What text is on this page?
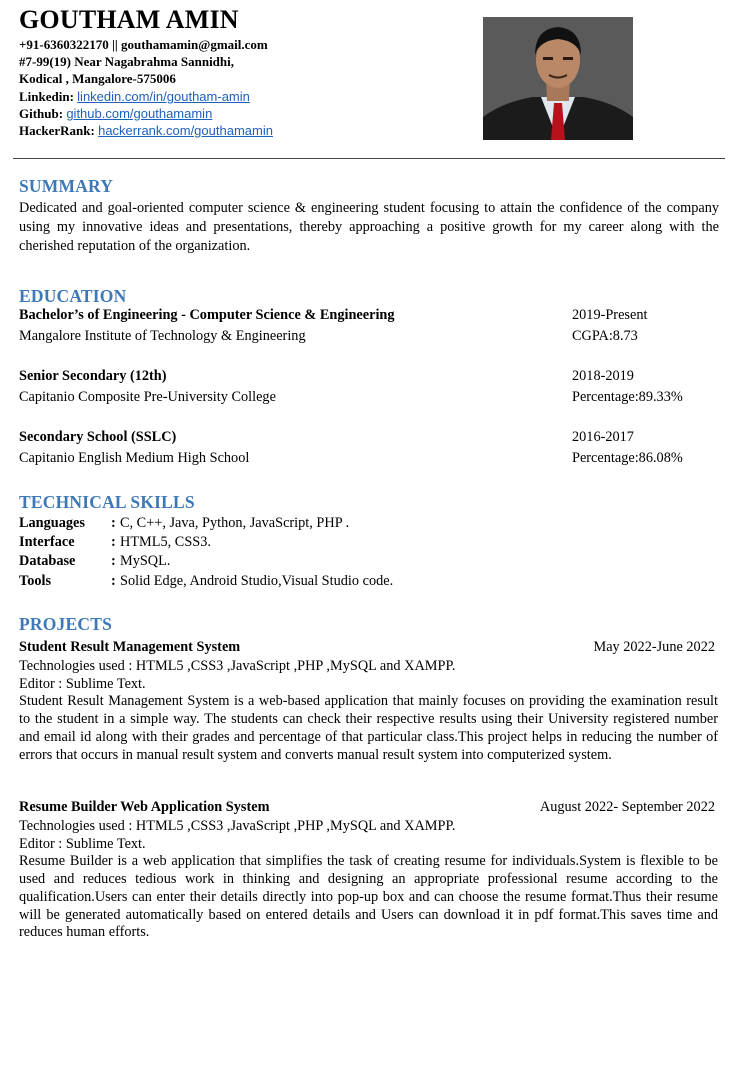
GOUTHAM AMIN
+91-6360322170 || gouthamamin@gmail.com
#7-99(19) Near Nagabrahma Sannidhi,
Kodical , Mangalore-575006
Linkedin: linkedin.com/in/goutham-amin
Github: github.com/gouthamamin
HackerRank: hackerrank.com/gouthamamin
SUMMARY
Dedicated and goal-oriented computer science & engineering student focusing to attain the confidence of the company using my innovative ideas and presentations, thereby approaching a positive growth for my career along with the cherished reputation of the organization.
EDUCATION
Bachelor’s of Engineering - Computer Science & Engineering	2019-Present
Mangalore Institute of Technology & Engineering	CGPA:8.73
Senior Secondary (12th)	2018-2019
Capitanio Composite Pre-University College	Percentage:89.33%
Secondary School (SSLC)	2016-2017
Capitanio English Medium High School	Percentage:86.08%
TECHNICAL SKILLS
Languages : C, C++, Java, Python, JavaScript, PHP .
Interface	: HTML5, CSS3.
Database : MySQL.
Tools	: Solid Edge, Android Studio,Visual Studio code.
PROJECTS
Student Result Management System	May 2022-June 2022
Technologies used : HTML5 ,CSS3 ,JavaScript ,PHP ,MySQL and XAMPP.
Editor : Sublime Text.

Student Result Management System is a web-based application that mainly focuses on providing the examination result to the student in a simple way. The students can check their respective results using their University registered number and email id along with their grades and percentage of that particular class.This project helps in reducing the number of errors that occurs in manual result system and converts manual result system into computerized system.

Resume Builder Web Application System	August 2022- September 2022
Technologies used : HTML5 ,CSS3 ,JavaScript ,PHP ,MySQL and XAMPP.
Editor : Sublime Text.

Resume Builder is a web application that simplifies the task of creating resume for individuals.System is flexible to be used and reduces tedious work in thinking and designing an appropriate professional resume according to the qualification.Users can enter their details directly into pop-up box and can choose the resume format.Thus their resume will be generated automatically based on entered details and Users can download it in pdf format.This saves time and reduces human efforts.
